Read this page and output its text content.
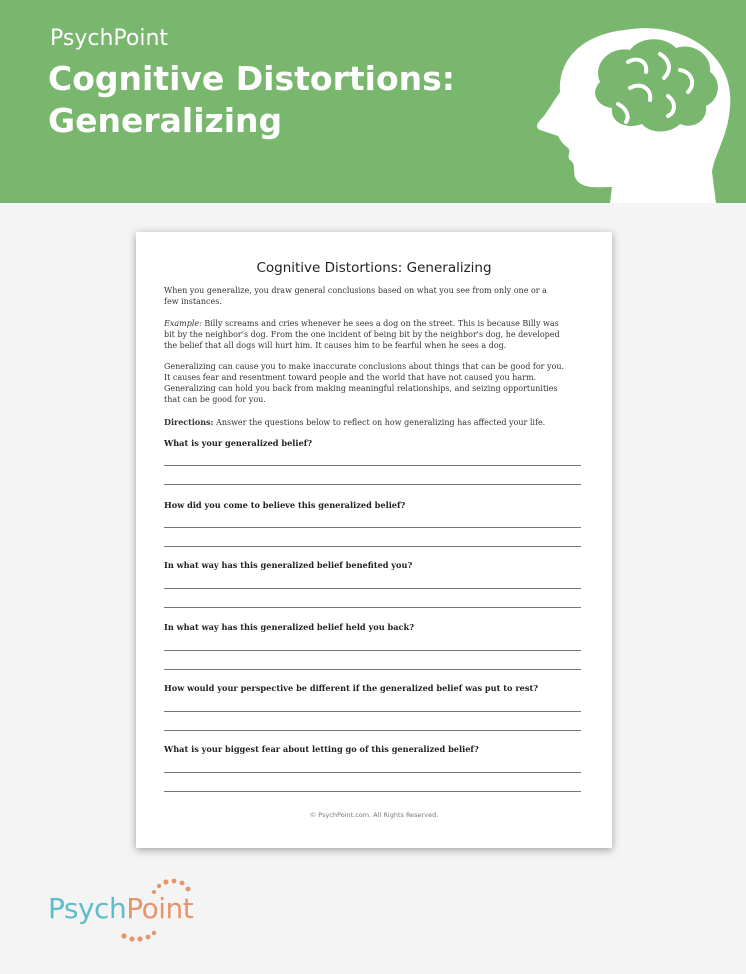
PsychPoint
Cognitive Distortions:
Generalizing
Cognitive Distortions: Generalizing
When you generalize, you draw general conclusions based on what you see from only one or a
few instances.
Example: Billy screams and cries whenever he sees a dog on the street. This is because Billy was
bit by the neighbor's dog. From the one incident of being bit by the neighbor's dog, he developed
the belief that all dogs will hurt him. It causes him to be fearful when he sees a dog.
Generalizing can cause you to make inaccurate conclusions about things that can be good for you.
It causes fear and resentment toward people and the world that have not caused you harm.
Generalizing can hold you back from making meaningful relationships, and seizing opportunities
that can be good for you.
Directions: Answer the questions below to reflect on how generalizing has affected your life.
What is your generalized belief?
How did you come to believe this generalized belief?
In what way has this generalized belief benefited you?
In what way has this generalized belief held you back?
How would your perspective be different if the generalized belief was put to rest?
What is your biggest fear about letting go of this generalized belief?
© PsychPoint.com. All Rights Reserved.
PsychPoint
